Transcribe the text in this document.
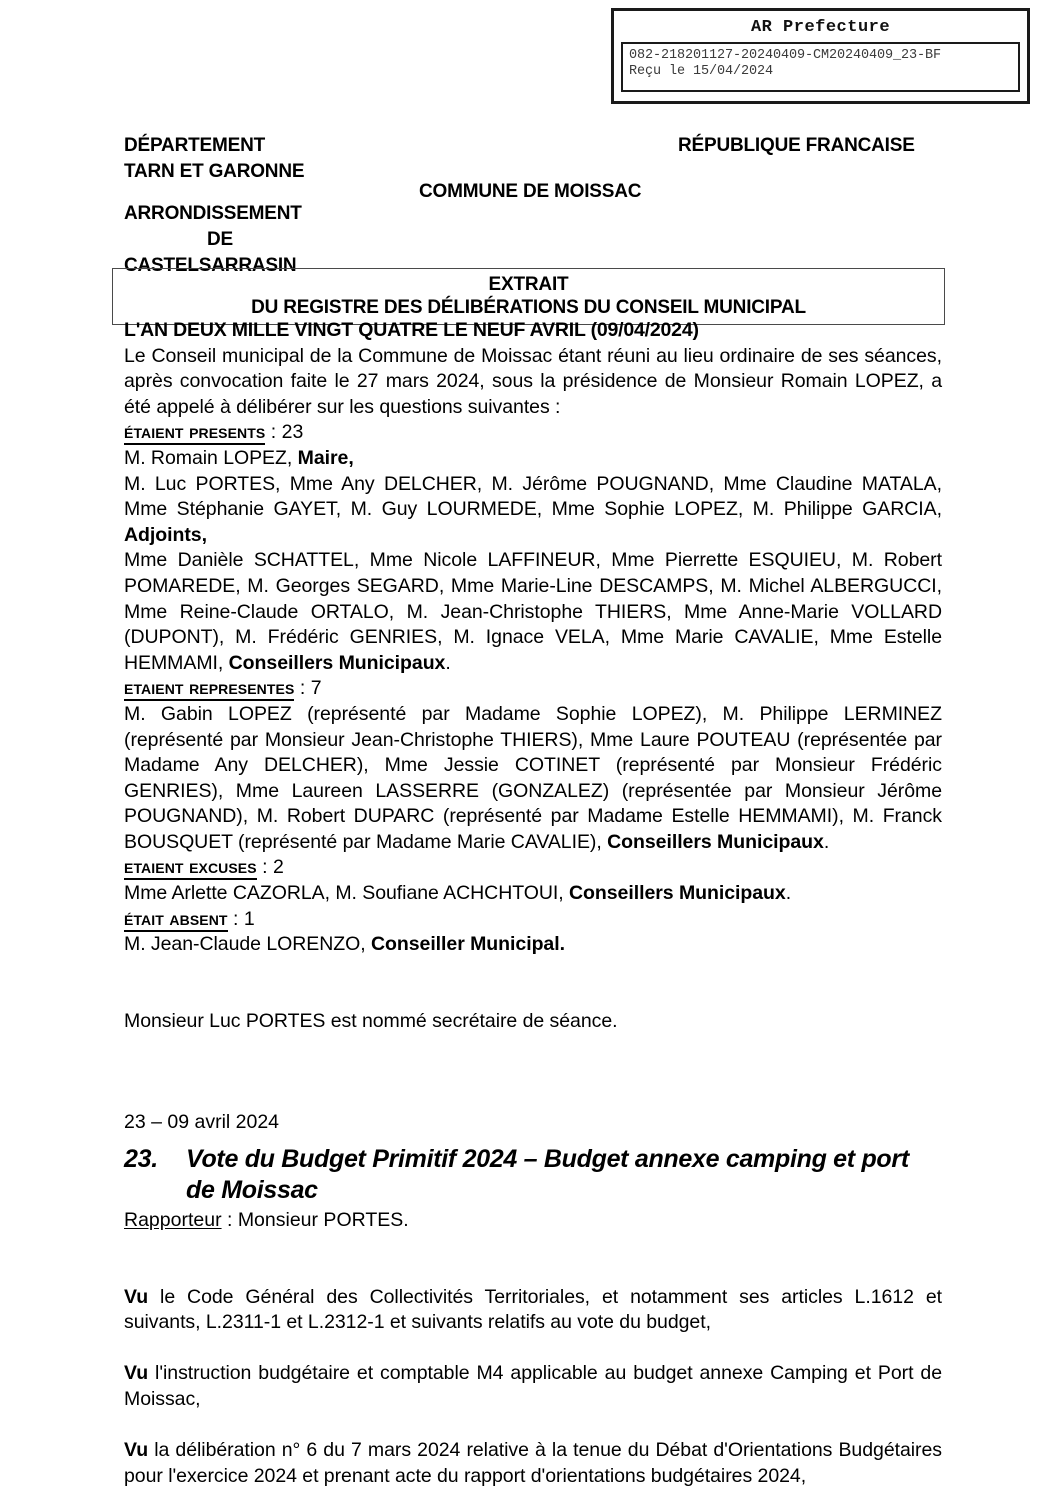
AR Prefecture
082-218201127-20240409-CM20240409_23-BF
Reçu le 15/04/2024
DÉPARTEMENT
TARN ET GARONNE
ARRONDISSEMENT
DE
CASTELSARRASIN
RÉPUBLIQUE FRANCAISE
COMMUNE DE MOISSAC
EXTRAIT
DU REGISTRE DES DÉLIBÉRATIONS DU CONSEIL MUNICIPAL

L'AN DEUX MILLE VINGT QUATRE LE NEUF AVRIL (09/04/2024)

Le Conseil municipal de la Commune de Moissac étant réuni au lieu ordinaire de ses séances, après convocation faite le 27 mars 2024, sous la présidence de Monsieur Romain LOPEZ, a été appelé à délibérer sur les questions suivantes :

étaient presents : 23

M. Romain LOPEZ, Maire,

M. Luc PORTES, Mme Any DELCHER, M. Jérôme POUGNAND, Mme Claudine MATALA, Mme Stéphanie GAYET, M. Guy LOURMEDE, Mme Sophie LOPEZ, M. Philippe GARCIA, Adjoints,

Mme Danièle SCHATTEL, Mme Nicole LAFFINEUR, Mme Pierrette ESQUIEU, M. Robert POMAREDE, M. Georges SEGARD, Mme Marie-Line DESCAMPS, M. Michel ALBERGUCCI, Mme Reine-Claude ORTALO, M. Jean-Christophe THIERS, Mme Anne-Marie VOLLARD (DUPONT), M. Frédéric GENRIES, M. Ignace VELA, Mme Marie CAVALIE, Mme Estelle HEMMAMI, Conseillers Municipaux.

etaient representes : 7

M. Gabin LOPEZ (représenté par Madame Sophie LOPEZ), M. Philippe LERMINEZ (représenté par Monsieur Jean-Christophe THIERS), Mme Laure POUTEAU (représentée par Madame Any DELCHER), Mme Jessie COTINET (représenté par Monsieur Frédéric GENRIES), Mme Laureen LASSERRE (GONZALEZ) (représentée par Monsieur Jérôme POUGNAND), M. Robert DUPARC (représenté par Madame Estelle HEMMAMI), M. Franck BOUSQUET (représenté par Madame Marie CAVALIE), Conseillers Municipaux.

etaient excuses : 2

Mme Arlette CAZORLA, M. Soufiane ACHCHTOUI, Conseillers Municipaux.

était absent : 1

M. Jean-Claude LORENZO, Conseiller Municipal.

Monsieur Luc PORTES est nommé secrétaire de séance.

23 – 09 avril 2024

23.	Vote du Budget Primitif 2024 – Budget annexe camping et port de Moissac

Rapporteur : Monsieur PORTES.

Vu le Code Général des Collectivités Territoriales, et notamment ses articles L.1612 et suivants, L.2311-1 et L.2312-1 et suivants relatifs au vote du budget,

Vu l'instruction budgétaire et comptable M4 applicable au budget annexe Camping et Port de Moissac,

Vu la délibération n° 6 du 7 mars 2024 relative à la tenue du Débat d'Orientations Budgétaires pour l'exercice 2024 et prenant acte du rapport d'orientations budgétaires 2024,
